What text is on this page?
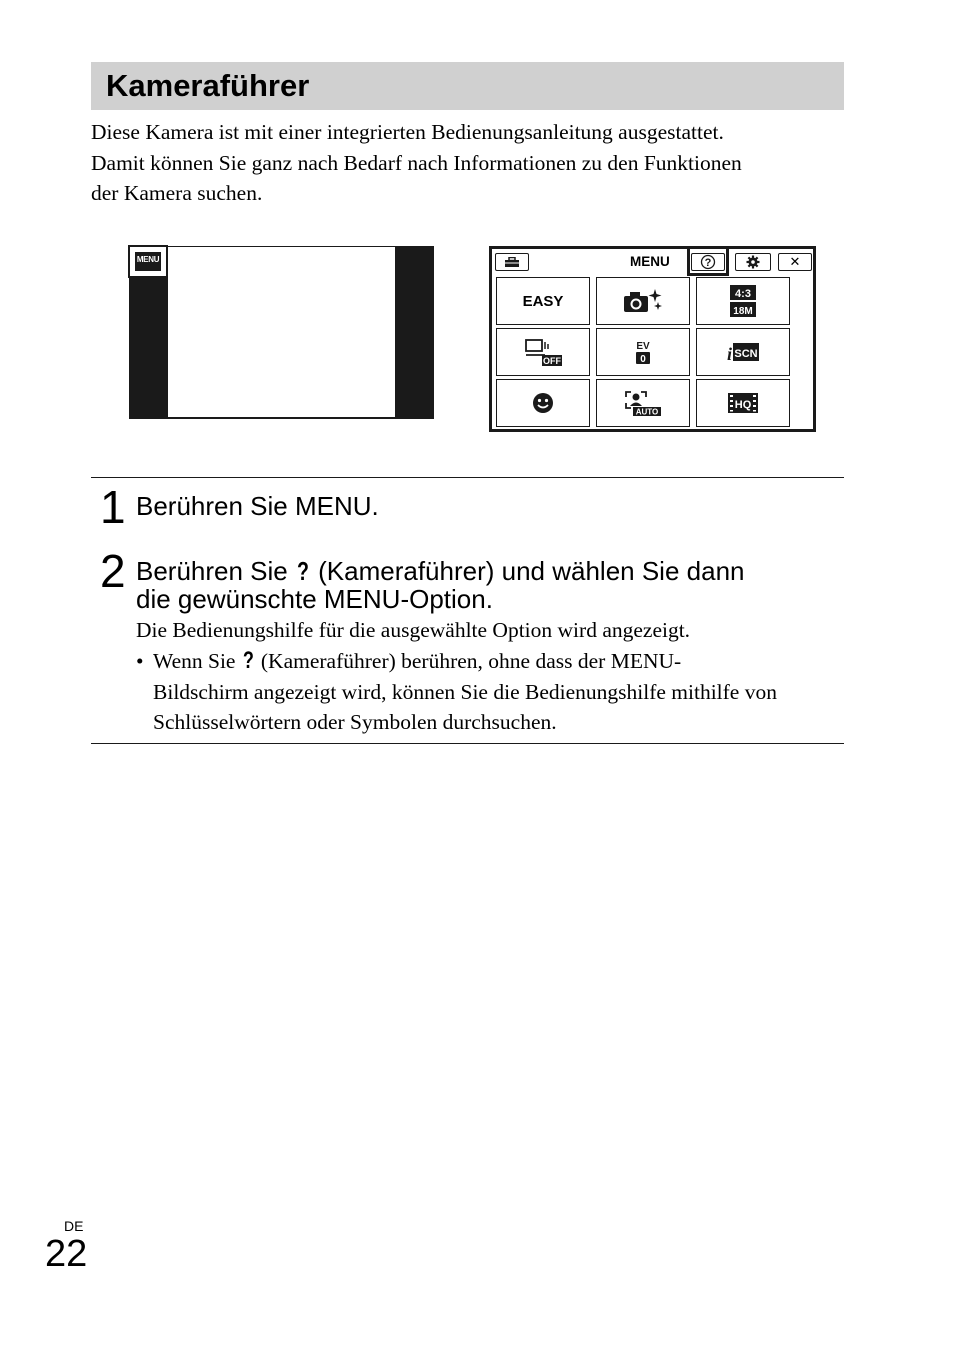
Kameraführer
Diese Kamera ist mit einer integrierten Bedienungsanleitung ausgestattet.
Damit können Sie ganz nach Bedarf nach Informationen zu den Funktionen
der Kamera suchen.
MENU	MENU	?	✕
EASY	4:3
18M
OFF
EV
0	i SCN
AUTO
HQ
1 Berühren Sie MENU.
2 Berühren Sie ? (Kameraführer) und wählen Sie dann
die gewünschte MENU-Option.
Die Bedienungshilfe für die ausgewählte Option wird angezeigt.
• Wenn Sie ? (Kameraführer) berühren, ohne dass der MENU-
Bildschirm angezeigt wird, können Sie die Bedienungshilfe mithilfe von
Schlüsselwörtern oder Symbolen durchsuchen.
DE
22
